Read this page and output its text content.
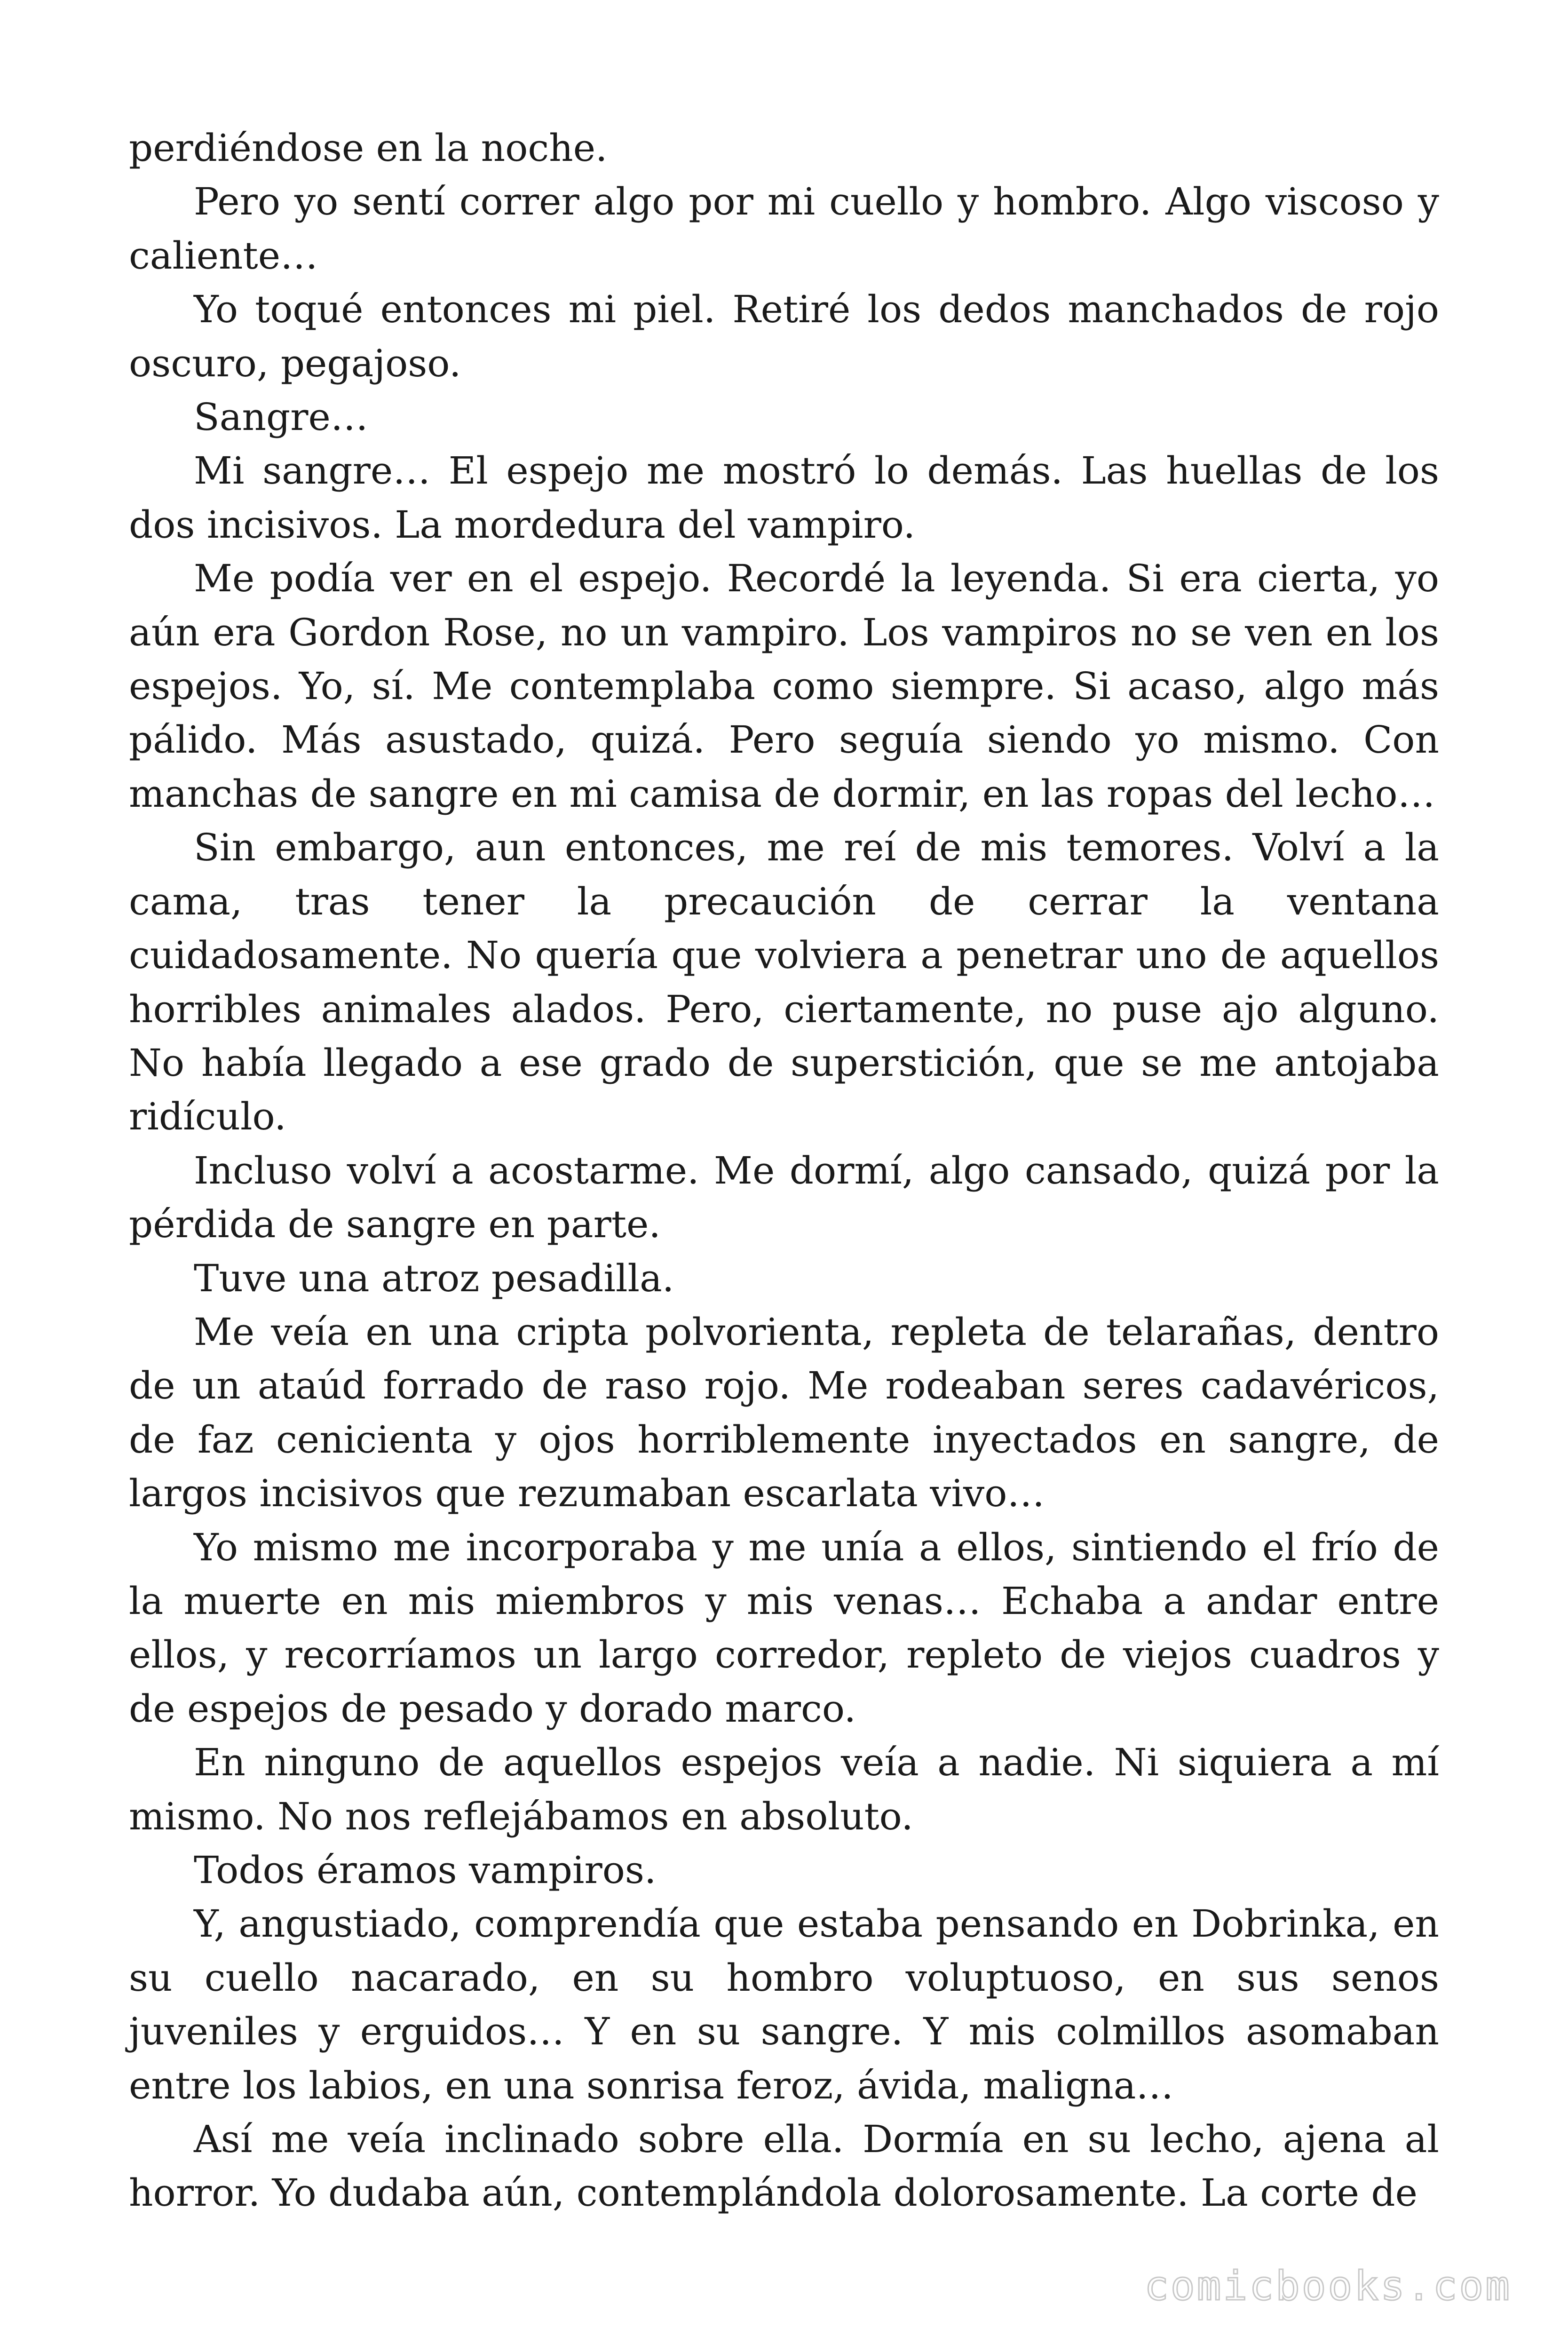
perdiéndose en la noche.

Pero yo sentí correr algo por mi cuello y hombro. Algo viscoso y caliente…

Yo toqué entonces mi piel. Retiré los dedos manchados de rojo oscuro, pegajoso.

Sangre…

Mi sangre… El espejo me mostró lo demás. Las huellas de los dos incisivos. La mordedura del vampiro.

Me podía ver en el espejo. Recordé la leyenda. Si era cierta, yo aún era Gordon Rose, no un vampiro. Los vampiros no se ven en los espejos. Yo, sí. Me contemplaba como siempre. Si acaso, algo más pálido. Más asustado, quizá. Pero seguía siendo yo mismo. Con manchas de sangre en mi camisa de dormir, en las ropas del lecho…

Sin embargo, aun entonces, me reí de mis temores. Volví a la cama, tras tener la precaución de cerrar la ventana cuidadosamente. No quería que volviera a penetrar uno de aquellos horribles animales alados. Pero, ciertamente, no puse ajo alguno. No había llegado a ese grado de superstición, que se me antojaba ridículo.

Incluso volví a acostarme. Me dormí, algo cansado, quizá por la pérdida de sangre en parte.

Tuve una atroz pesadilla.

Me veía en una cripta polvorienta, repleta de telarañas, dentro de un ataúd forrado de raso rojo. Me rodeaban seres cadavéricos, de faz cenicienta y ojos horriblemente inyectados en sangre, de largos incisivos que rezumaban escarlata vivo…

Yo mismo me incorporaba y me unía a ellos, sintiendo el frío de la muerte en mis miembros y mis venas… Echaba a andar entre ellos, y recorríamos un largo corredor, repleto de viejos cuadros y de espejos de pesado y dorado marco.

En ninguno de aquellos espejos veía a nadie. Ni siquiera a mí mismo. No nos reflejábamos en absoluto.

Todos éramos vampiros.

Y, angustiado, comprendía que estaba pensando en Dobrinka, en su cuello nacarado, en su hombro voluptuoso, en sus senos juveniles y erguidos… Y en su sangre. Y mis colmillos asomaban entre los labios, en una sonrisa feroz, ávida, maligna…

Así me veía inclinado sobre ella. Dormía en su lecho, ajena al horror. Yo dudaba aún, contemplándola dolorosamente. La corte de

comicbooks.com
